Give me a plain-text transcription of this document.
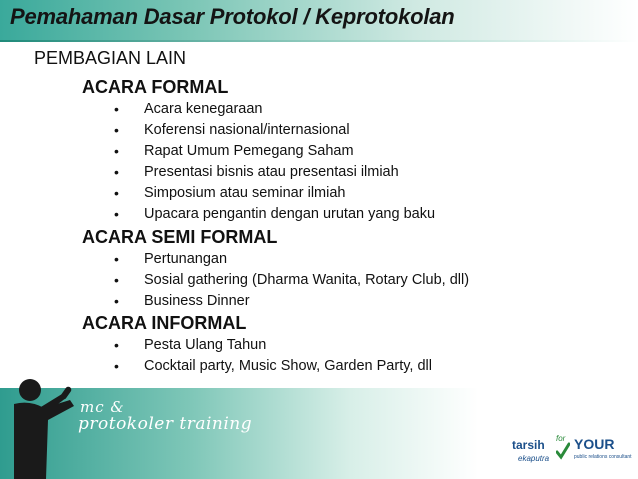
Pemahaman Dasar Protokol / Keprotokolan
PEMBAGIAN LAIN
ACARA FORMAL
• Acara kenegaraan
• Koferensi nasional/internasional
• Rapat Umum Pemegang Saham
• Presentasi bisnis atau presentasi ilmiah
• Simposium atau seminar ilmiah
• Upacara pengantin dengan urutan yang baku
ACARA SEMI FORMAL
• Pertunangan
• Sosial gathering (Dharma Wanita, Rotary Club, dll)
• Business Dinner
ACARA INFORMAL
• Pesta Ulang Tahun
• Cocktail party, Music Show, Garden Party, dll
mc &
protokoler training
tarsih
ekaputra
for YOUR
public relations consultant
